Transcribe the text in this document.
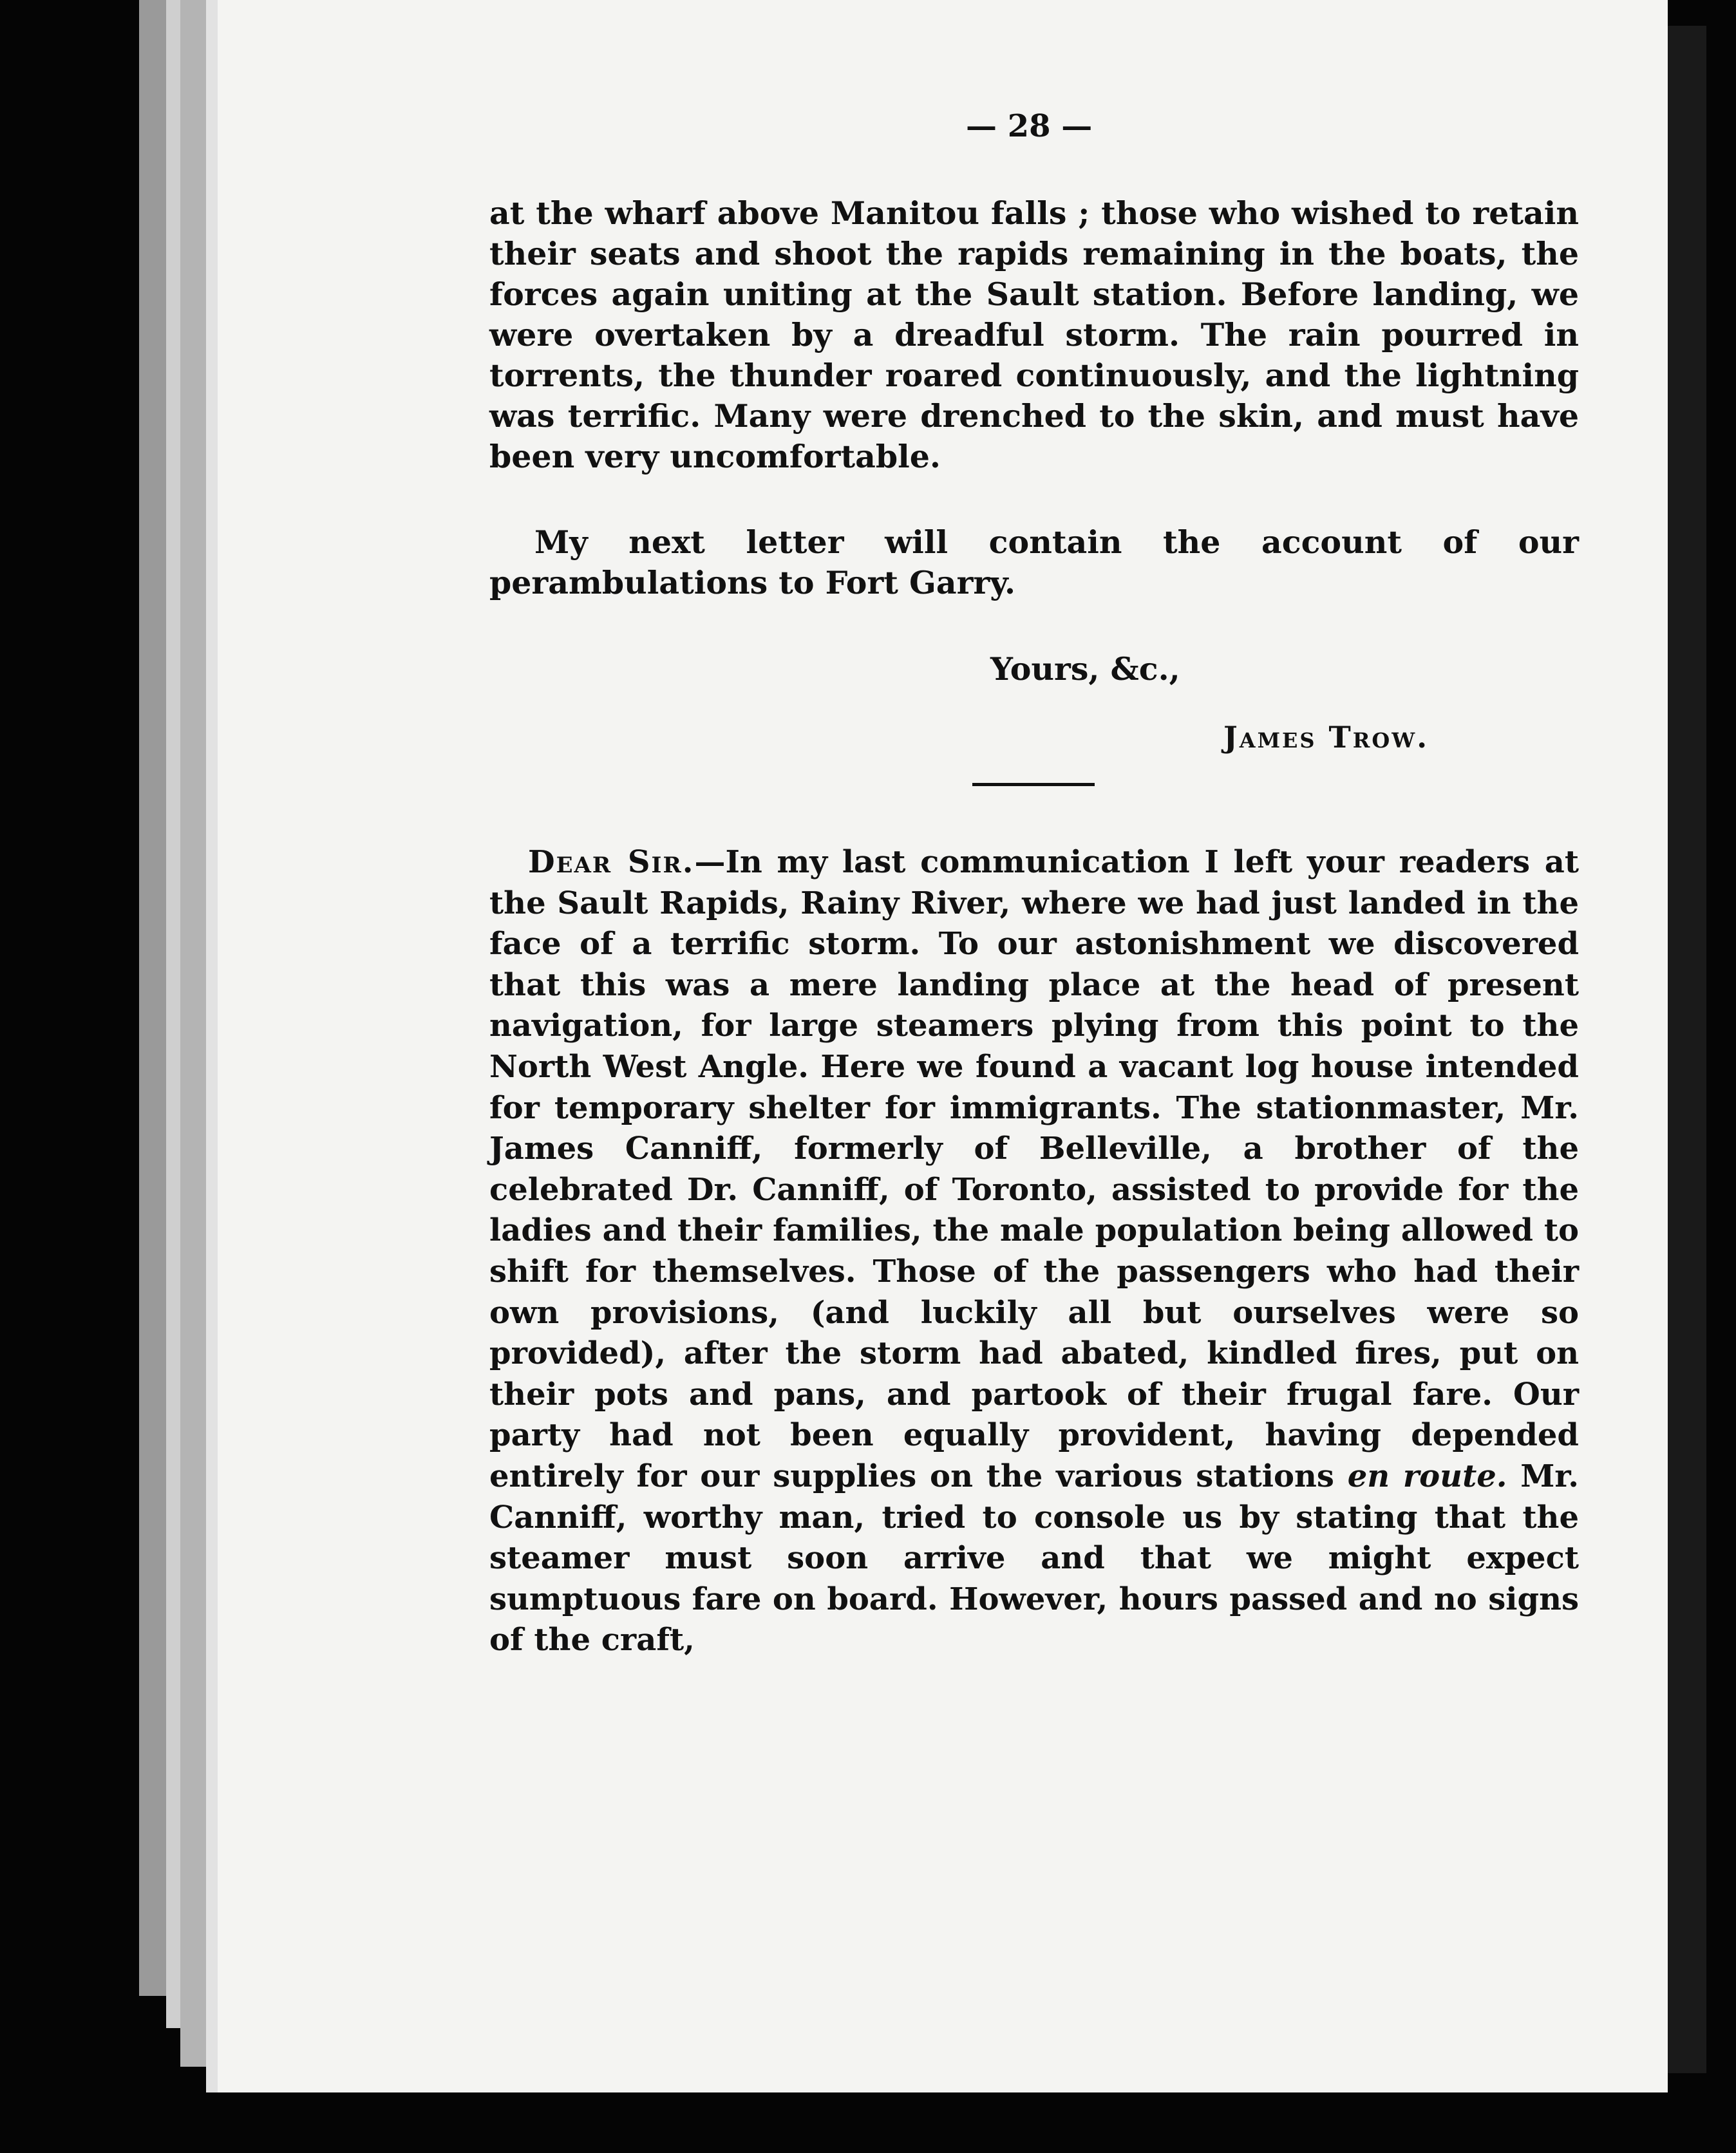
— 28 —

at the wharf above Manitou falls ; those who wished to retain their seats and shoot the rapids remaining in the boats, the forces again uniting at the Sault station. Before landing, we were overtaken by a dreadful storm. The rain pourred in torrents, the thunder roared continuously, and the lightning was terrific. Many were drenched to the skin, and must have been very uncomfortable.

My next letter will contain the account of our perambulations to Fort Garry.

Yours, &c.,
James Trow.

Dear Sir.—In my last communication I left your readers at the Sault Rapids, Rainy River, where we had just landed in the face of a terrific storm. To our astonishment we discovered that this was a mere landing place at the head of present navigation, for large steamers plying from this point to the North West Angle. Here we found a vacant log house intended for temporary shelter for immigrants. The stationmaster, Mr. James Canniff, formerly of Belleville, a brother of the celebrated Dr. Canniff, of Toronto, assisted to provide for the ladies and their families, the male population being allowed to shift for themselves. Those of the passengers who had their own provisions, (and luckily all but ourselves were so provided), after the storm had abated, kindled fires, put on their pots and pans, and partook of their frugal fare. Our party had not been equally provident, having depended entirely for our supplies on the various stations en route. Mr. Canniff, worthy man, tried to console us by stating that the steamer must soon arrive and that we might expect sumptuous fare on board. However, hours passed and no signs of the craft,
